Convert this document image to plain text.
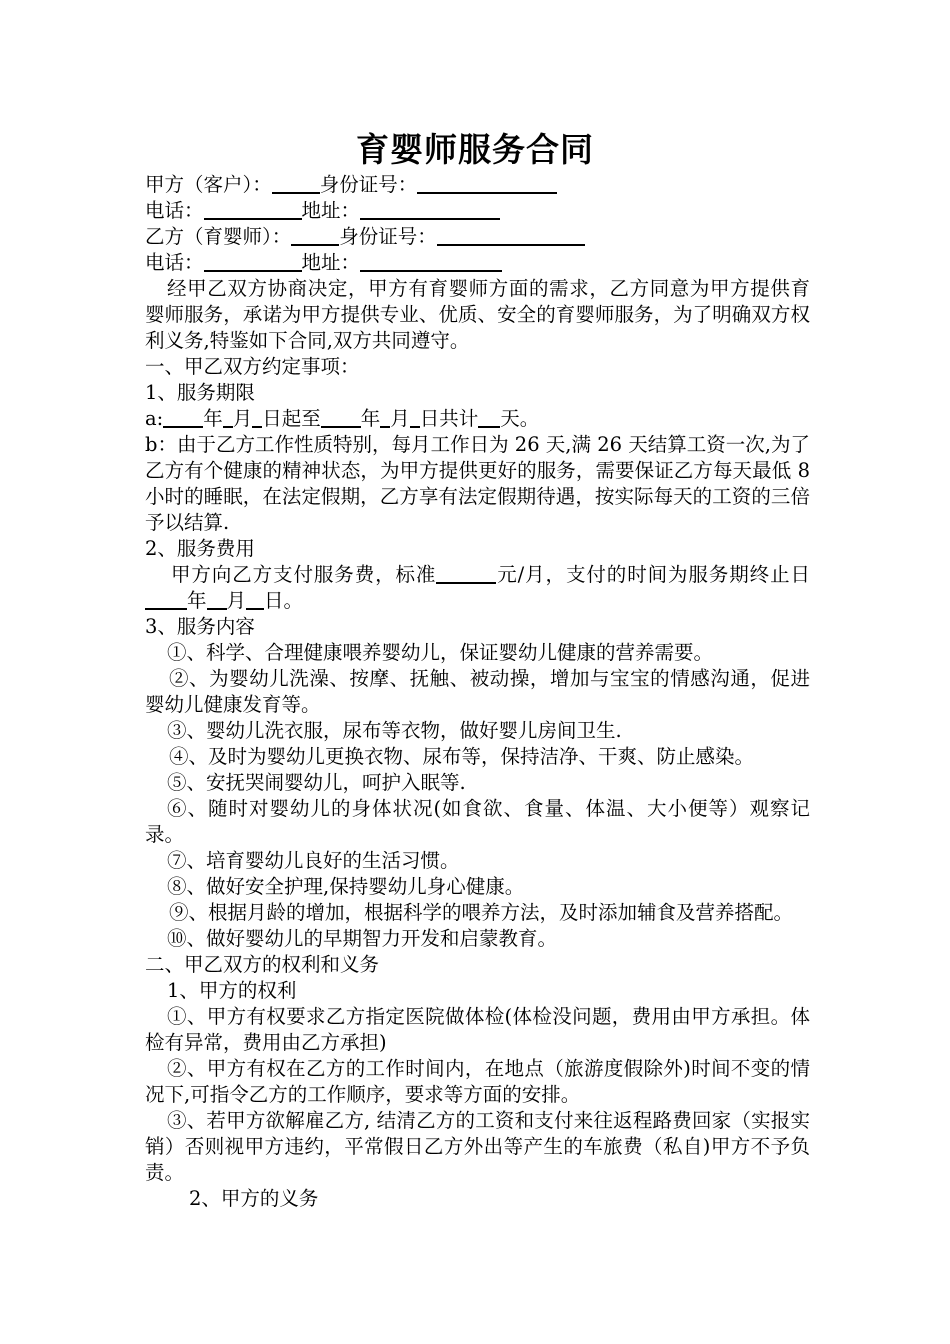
育婴师服务合同
甲方（客户）： 身份证号：
电话：	地址：
乙方（育婴师）： 身份证号：
电话：	地址：
经甲乙双方协商决定，甲方有育婴师方面的需求，乙方同意为甲方提供育婴师服务，承诺为甲方提供专业、优质、安全的育婴师服务，为了明确双方权利义务,特鉴如下合同,双方共同遵守。
一、甲乙双方约定事项：
1、服务期限
a: 年 月 日起至 年 月 日共计 天。
b：由于乙方工作性质特别，每月工作日为 26 天,满 26 天结算工资一次,为了乙方有个健康的精神状态，为甲方提供更好的服务，需要保证乙方每天最低 8 小时的睡眠，在法定假期，乙方享有法定假期待遇，按实际每天的工资的三倍予以结算.
2、服务费用
甲方向乙方支付服务费，标准	元/月，支付的时间为服务期终止日年 月 日。
3、服务内容
①、科学、合理健康喂养婴幼儿，保证婴幼儿健康的营养需要。
②、为婴幼儿洗澡、按摩、抚触、被动操，增加与宝宝的情感沟通，促进婴幼儿健康发育等。
③、婴幼儿洗衣服，尿布等衣物，做好婴儿房间卫生.
④、及时为婴幼儿更换衣物、尿布等，保持洁净、干爽、防止感染。
⑤、安抚哭闹婴幼儿，呵护入眠等.
⑥、随时对婴幼儿的身体状况(如食欲、食量、体温、大小便等）观察记录。
⑦、培育婴幼儿良好的生活习惯。
⑧、做好安全护理,保持婴幼儿身心健康。
⑨、根据月龄的增加，根据科学的喂养方法，及时添加辅食及营养搭配。
⑩、做好婴幼儿的早期智力开发和启蒙教育。
二、甲乙双方的权利和义务
1、甲方的权利
①、甲方有权要求乙方指定医院做体检(体检没问题，费用由甲方承担。体检有异常，费用由乙方承担)
②、甲方有权在乙方的工作时间内，在地点（旅游度假除外)时间不变的情况下,可指令乙方的工作顺序，要求等方面的安排。
③、若甲方欲解雇乙方, 结清乙方的工资和支付来往返程路费回家（实报实销）否则视甲方违约，平常假日乙方外出等产生的车旅费（私自)甲方不予负责。
2、甲方的义务
